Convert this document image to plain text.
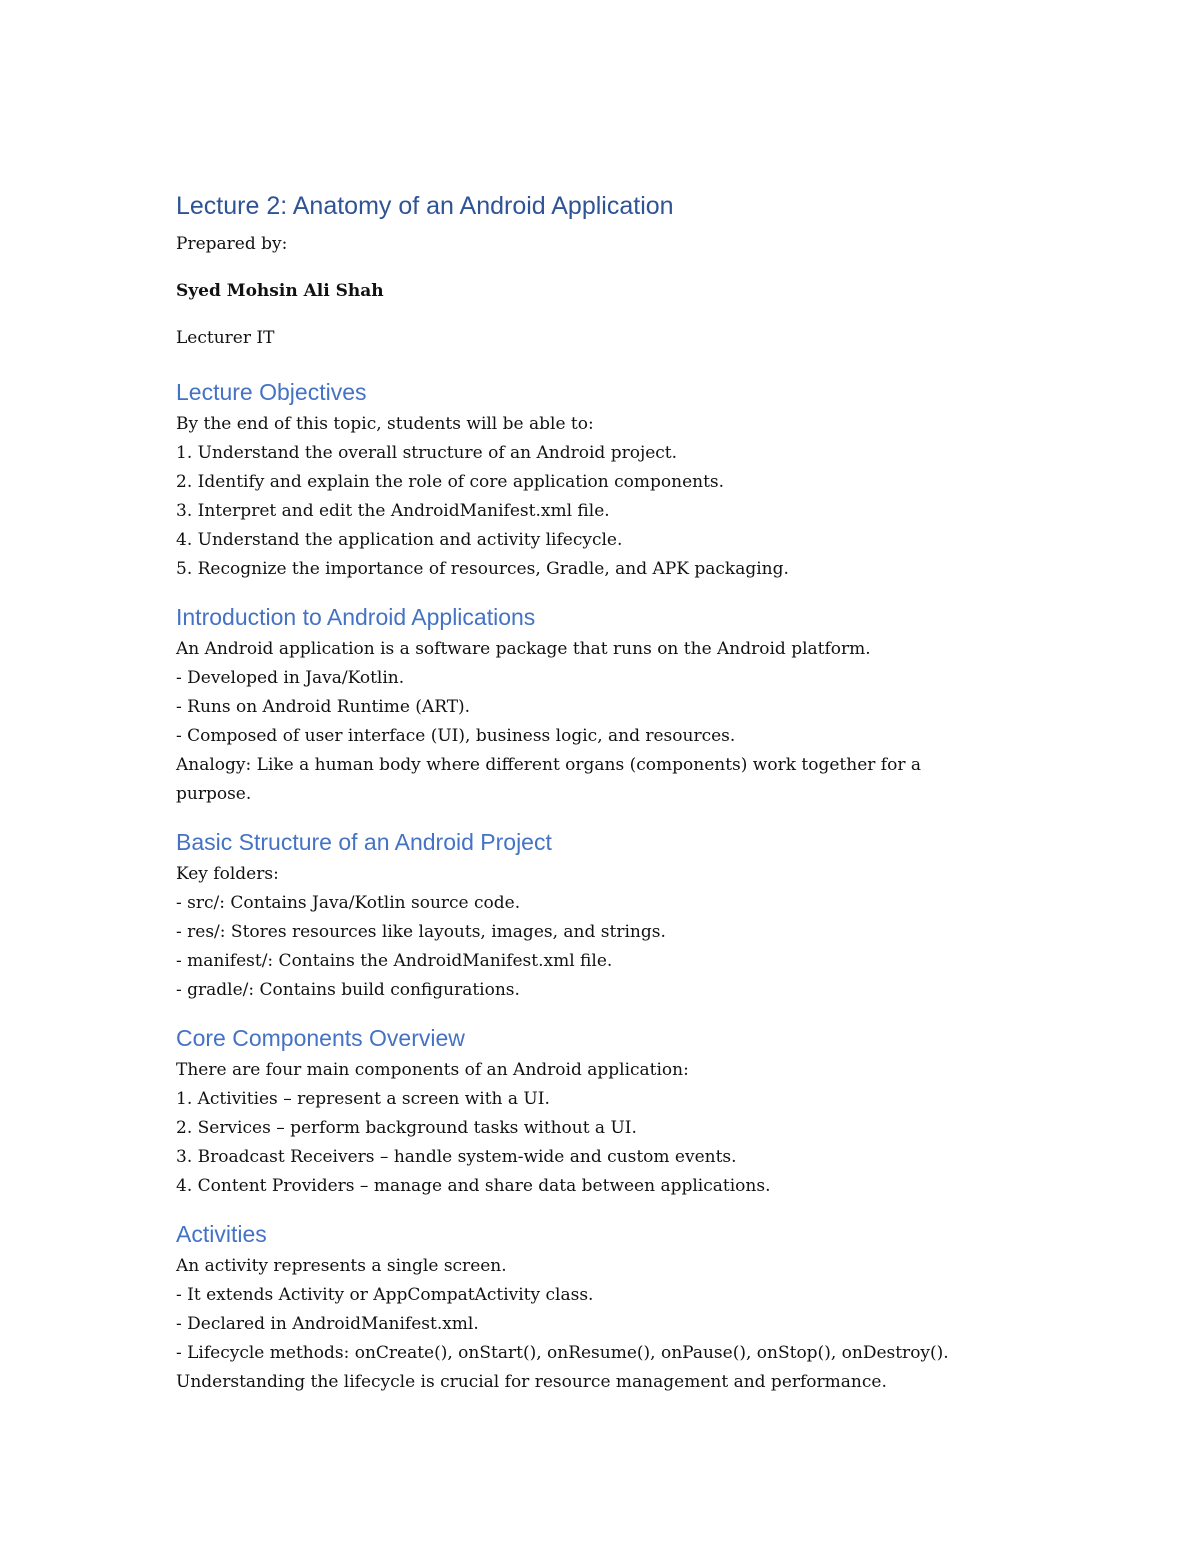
Lecture 2: Anatomy of an Android Application

Prepared by:

Syed Mohsin Ali Shah

Lecturer IT

Lecture Objectives

By the end of this topic, students will be able to:

1. Understand the overall structure of an Android project.

2. Identify and explain the role of core application components.

3. Interpret and edit the AndroidManifest.xml file.

4. Understand the application and activity lifecycle.

5. Recognize the importance of resources, Gradle, and APK packaging.

Introduction to Android Applications

An Android application is a software package that runs on the Android platform.

- Developed in Java/Kotlin.

- Runs on Android Runtime (ART).

- Composed of user interface (UI), business logic, and resources.

Analogy: Like a human body where different organs (components) work together for a

purpose.

Basic Structure of an Android Project

Key folders:

- src/: Contains Java/Kotlin source code.

- res/: Stores resources like layouts, images, and strings.

- manifest/: Contains the AndroidManifest.xml file.

- gradle/: Contains build configurations.

Core Components Overview

There are four main components of an Android application:

1. Activities – represent a screen with a UI.

2. Services – perform background tasks without a UI.

3. Broadcast Receivers – handle system-wide and custom events.

4. Content Providers – manage and share data between applications.

Activities

An activity represents a single screen.

- It extends Activity or AppCompatActivity class.

- Declared in AndroidManifest.xml.

- Lifecycle methods: onCreate(), onStart(), onResume(), onPause(), onStop(), onDestroy().

Understanding the lifecycle is crucial for resource management and performance.
